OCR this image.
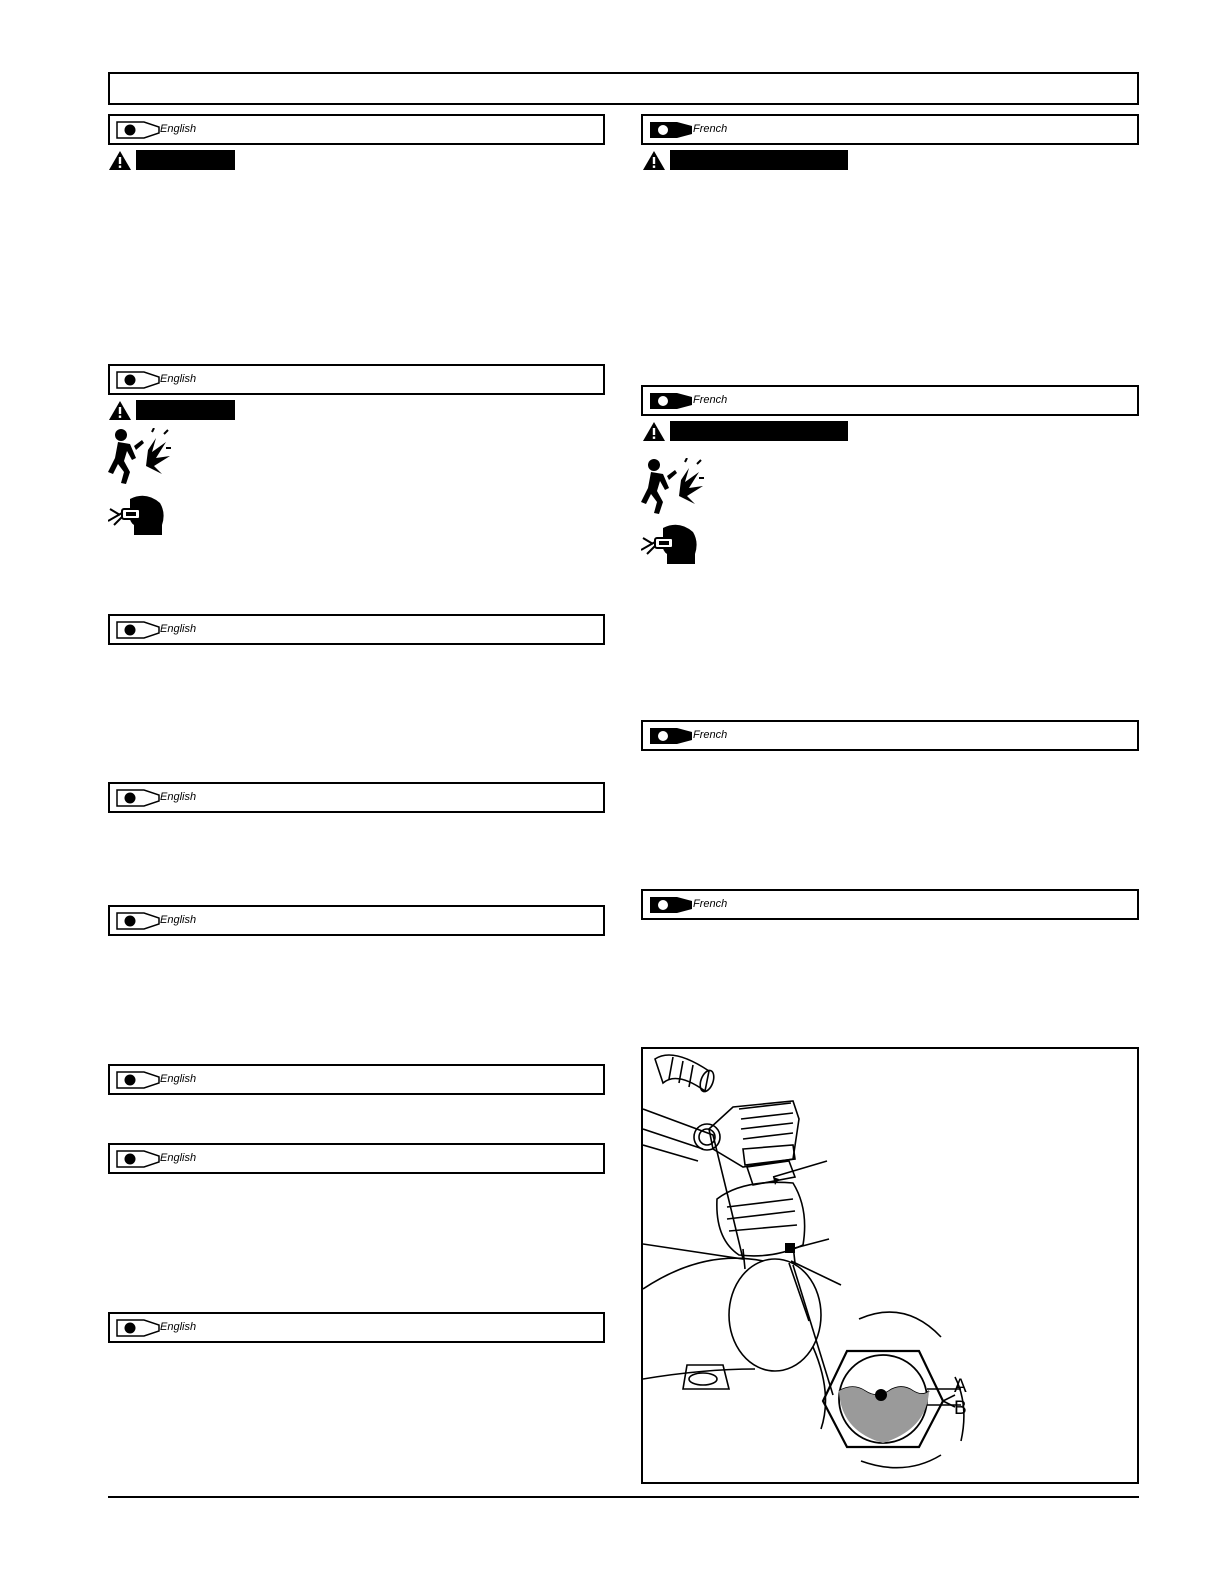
English
English
English
English
English
English
English
English
French
French
French
French
A
B
